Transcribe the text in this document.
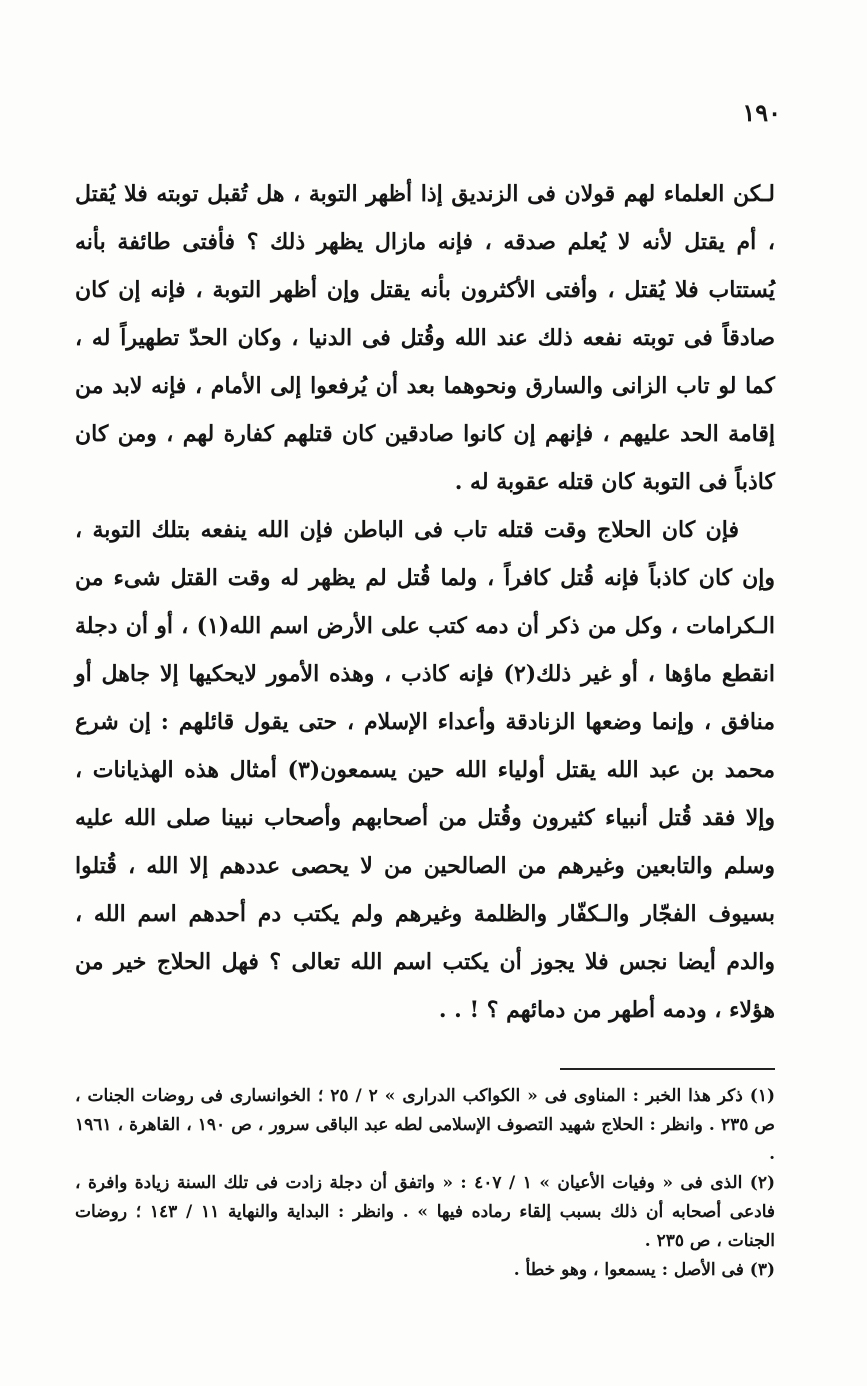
١٩٠

لـكن العلماء لهم قولان فى الزنديق إذا أظهر التوبة ، هل تُقبل توبته فلا يُقتل ، أم يقتل لأنه لا يُعلم صدقه ، فإنه مازال يظهر ذلك ؟ فأفتى طائفة بأنه يُستتاب فلا يُقتل ، وأفتى الأكثرون بأنه يقتل وإن أظهر التوبة ، فإنه إن كان صادقاً فى توبته نفعه ذلك عند الله وقُتل فى الدنيا ، وكان الحدّ تطهيراً له ، كما لو تاب الزانى والسارق ونحوهما بعد أن يُرفعوا إلى الأمام ، فإنه لابد من إقامة الحد عليهم ، فإنهم إن كانوا صادقين كان قتلهم كفارة لهم ، ومن كان كاذباً فى التوبة كان قتله عقوبة له .

فإن كان الحلاج وقت قتله تاب فى الباطن فإن الله ينفعه بتلك التوبة ، وإن كان كاذباً فإنه قُتل كافراً ، ولما قُتل لم يظهر له وقت القتل شىء من الـكرامات ، وكل من ذكر أن دمه كتب على الأرض اسم الله(١) ، أو أن دجلة انقطع ماؤها ، أو غير ذلك(٢) فإنه كاذب ، وهذه الأمور لايحكيها إلا جاهل أو منافق ، وإنما وضعها الزنادقة وأعداء الإسلام ، حتى يقول قائلهم : إن شرع محمد بن عبد الله يقتل أولياء الله حين يسمعون(٣) أمثال هذه الهذيانات ، وإلا فقد قُتل أنبياء كثيرون وقُتل من أصحابهم وأصحاب نبينا صلى الله عليه وسلم والتابعين وغيرهم من الصالحين من لا يحصى عددهم إلا الله ، قُتلوا بسيوف الفجّار والـكفّار والظلمة وغيرهم ولم يكتب دم أحدهم اسم الله ، والدم أيضا نجس فلا يجوز أن يكتب اسم الله تعالى ؟ فهل الحلاج خير من هؤلاء ، ودمه أطهر من دمائهم ؟ ! . .

(١) ذكر هذا الخبر : المناوى فى « الكواكب الدرارى » ٢ / ٢٥ ؛ الخوانسارى فى روضات الجنات ، ص ٢٣٥ . وانظر : الحلاج شهيد التصوف الإسلامى لطه عبد الباقى سرور ، ص ١٩٠ ، القاهرة ، ١٩٦١ .

(٢) الذى فى « وفيات الأعيان » ١ / ٤٠٧ : « واتفق أن دجلة زادت فى تلك السنة زيادة وافرة ، فادعى أصحابه أن ذلك بسبب إلقاء رماده فيها » . وانظر : البداية والنهاية ١١ / ١٤٣ ؛ روضات الجنات ، ص ٢٣٥ .

(٣) فى الأصل : يسمعوا ، وهو خطأ .
